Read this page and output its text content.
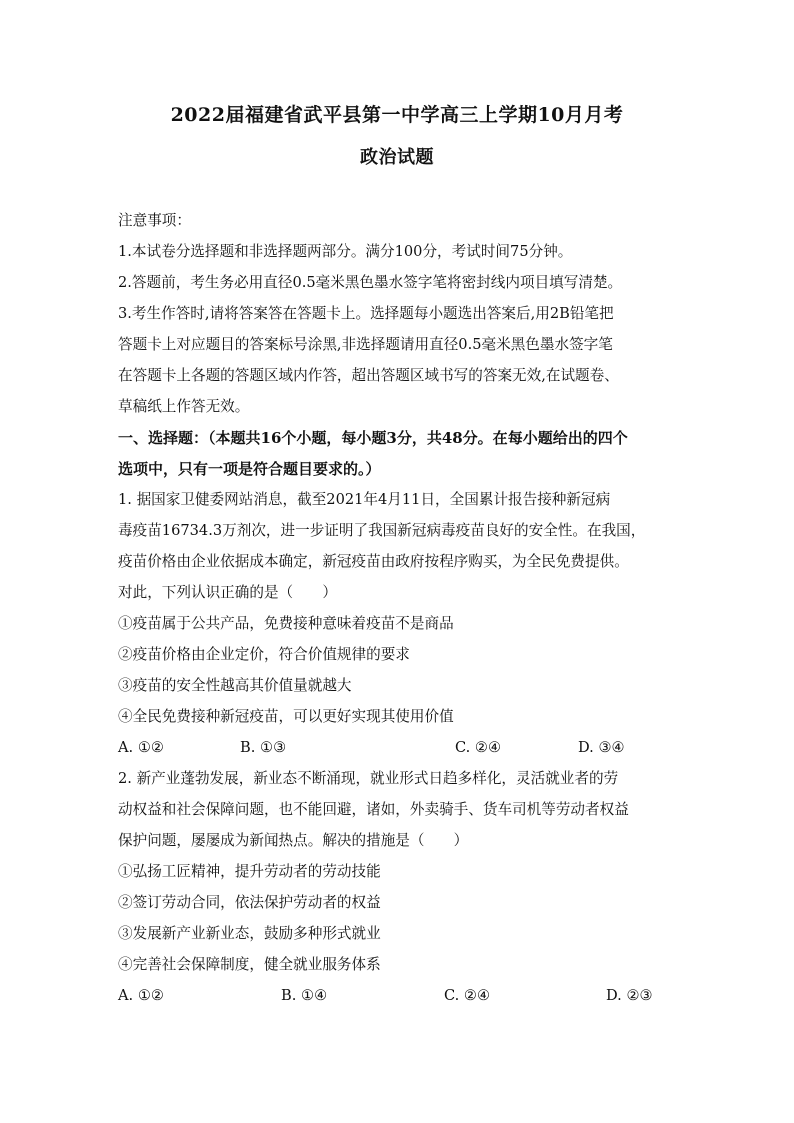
2022届福建省武平县第一中学高三上学期10月月考
政治试题
注意事项：
1.本试卷分选择题和非选择题两部分。满分100分，考试时间75分钟。
2.答题前，考生务必用直径0.5毫米黑色墨水签字笔将密封线内项目填写清楚。
3.考生作答时,请将答案答在答题卡上。选择题每小题选出答案后,用2B铅笔把
答题卡上对应题目的答案标号涂黑,非选择题请用直径0.5毫米黑色墨水签字笔
在答题卡上各题的答题区域内作答，超出答题区域书写的答案无效,在试题卷、
草稿纸上作答无效。
一、选择题：（本题共16个小题，每小题3分，共48分。在每小题给出的四个
选项中，只有一项是符合题目要求的。）
1. 据国家卫健委网站消息，截至2021年4月11日，全国累计报告接种新冠病
毒疫苗16734.3万剂次，进一步证明了我国新冠病毒疫苗良好的安全性。在我国，
疫苗价格由企业依据成本确定，新冠疫苗由政府按程序购买，为全民免费提供。
对此，下列认识正确的是（　　）
①疫苗属于公共产品，免费接种意味着疫苗不是商品
②疫苗价格由企业定价，符合价值规律的要求
③疫苗的安全性越高其价值量就越大
④全民免费接种新冠疫苗，可以更好实现其使用价值
A. ①②	B. ①③	C. ②④	D. ③④
2. 新产业蓬勃发展，新业态不断涌现，就业形式日趋多样化，灵活就业者的劳
动权益和社会保障问题，也不能回避，诸如，外卖骑手、货车司机等劳动者权益
保护问题，屡屡成为新闻热点。解决的措施是（　　）
①弘扬工匠精神，提升劳动者的劳动技能
②签订劳动合同，依法保护劳动者的权益
③发展新产业新业态，鼓励多种形式就业
④完善社会保障制度，健全就业服务体系
A. ①②	B. ①④	C. ②④	D. ②③
